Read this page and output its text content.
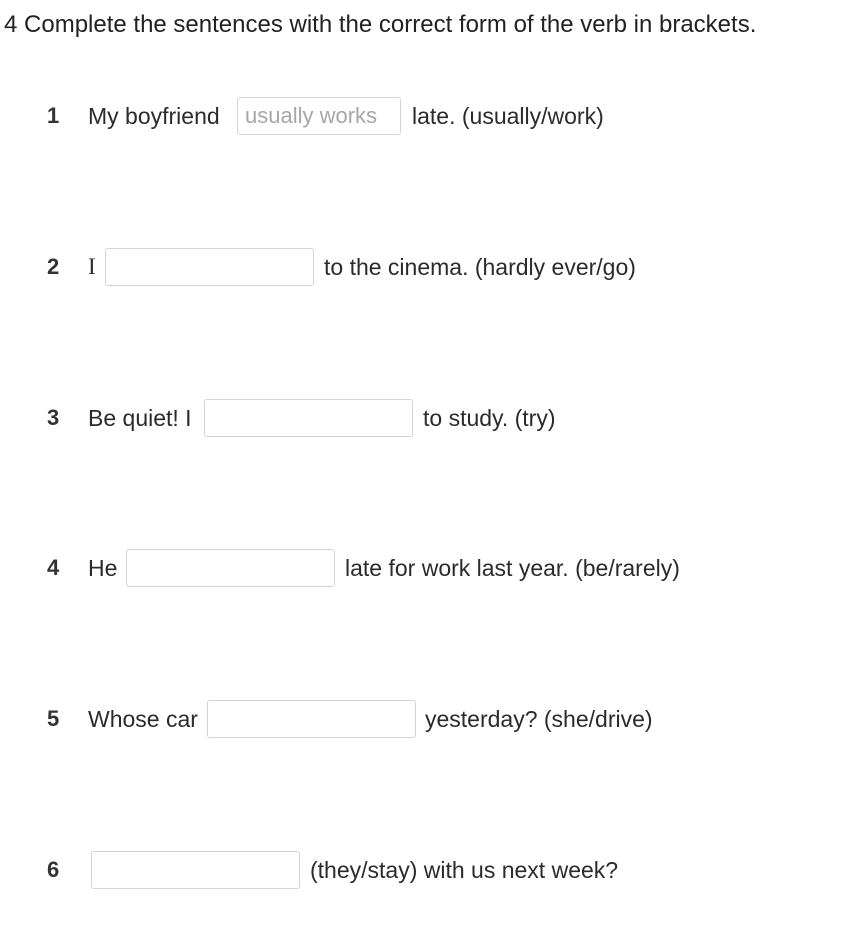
4 Complete the sentences with the correct form of the verb in brackets.
1 My boyfriend
usually works	late. (usually/work)
2 I	to the cinema. (hardly ever/go)
3 Be quiet! I	to study. (try)
4 He	late for work last year. (be/rarely)
5 Whose car	yesterday? (she/drive)
6	(they/stay) with us next week?
